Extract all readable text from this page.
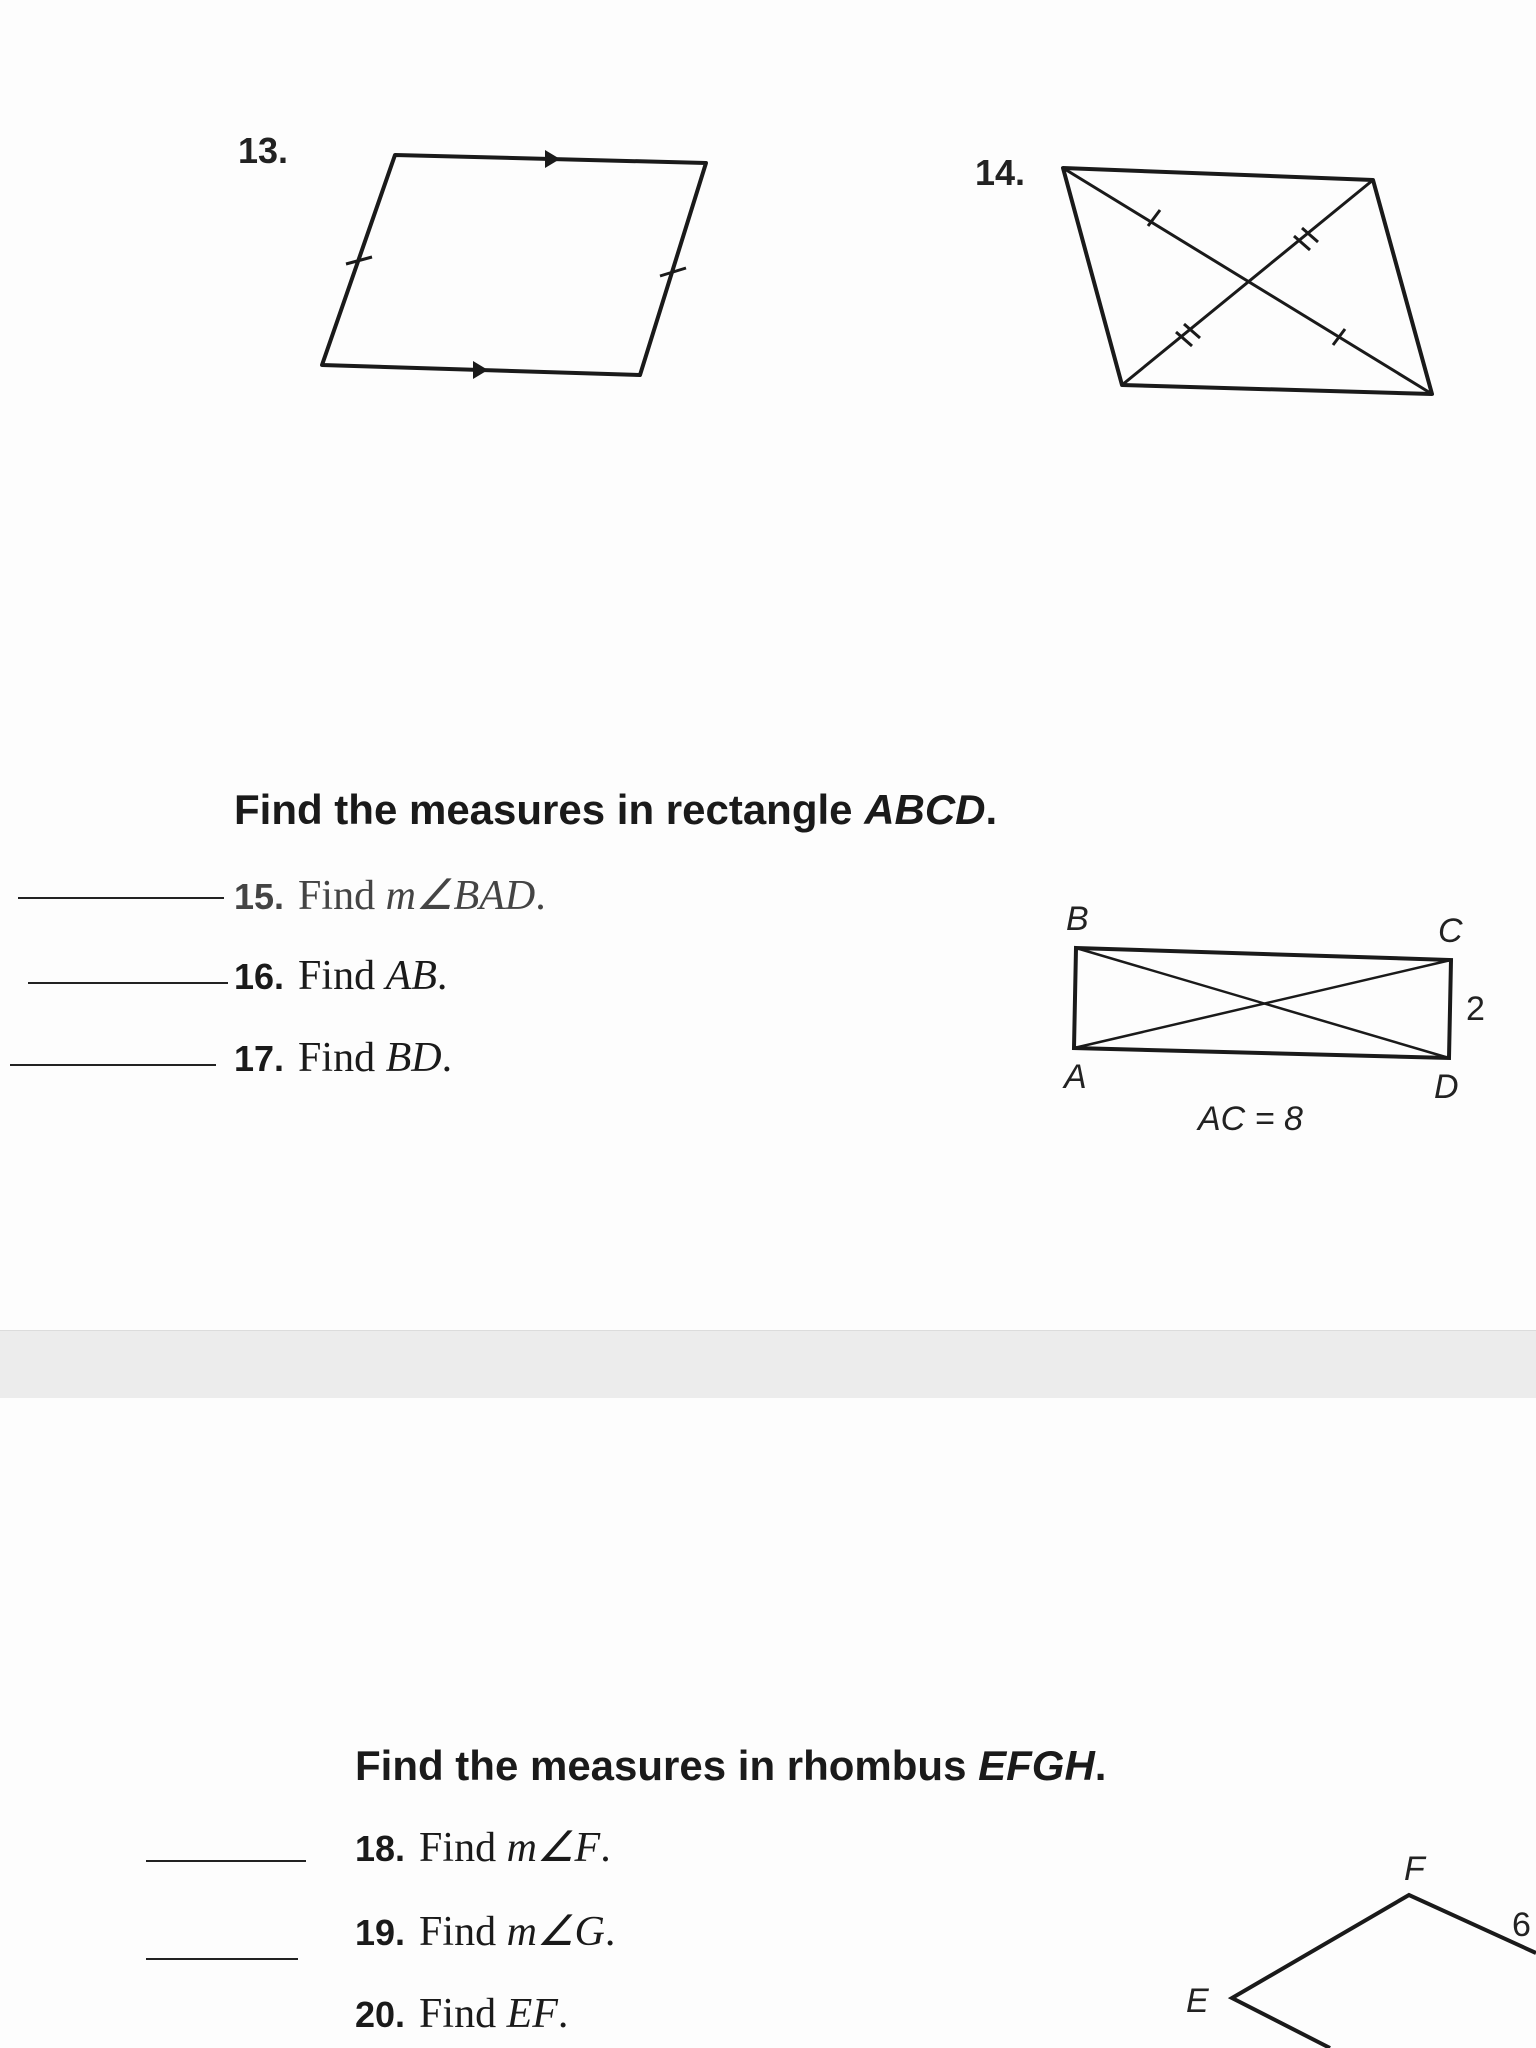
13.
14.
Find the measures in rectangle ABCD.
15. Find m∠BAD.
16. Find AB.
17. Find BD.
B	C
A	D
2
AC = 8
Find the measures in rhombus EFGH.
18. Find m∠F.
19. Find m∠G.
20. Find EF.
F
E
6
